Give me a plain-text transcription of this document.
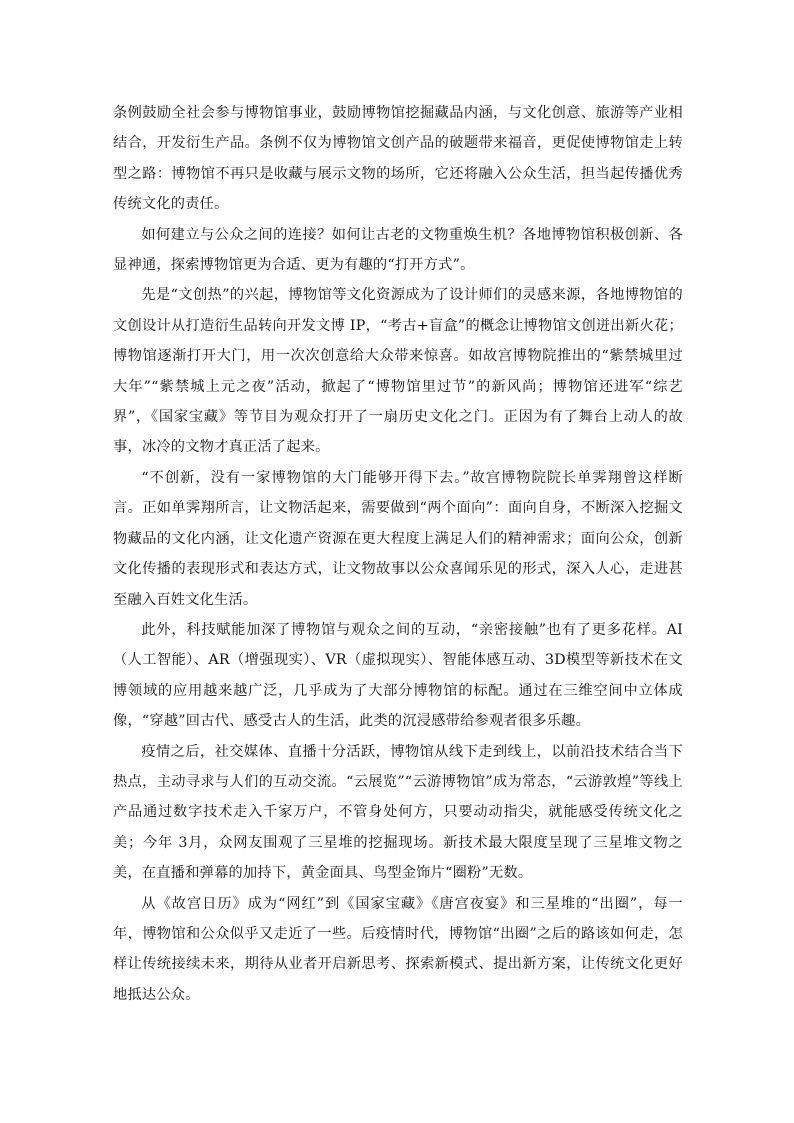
条例鼓励全社会参与博物馆事业，鼓励博物馆挖掘藏品内涵，与文化创意、旅游等产业相结合，开发衍生产品。条例不仅为博物馆文创产品的破题带来福音，更促使博物馆走上转型之路：博物馆不再只是收藏与展示文物的场所，它还将融入公众生活，担当起传播优秀传统文化的责任。

如何建立与公众之间的连接？如何让古老的文物重焕生机？各地博物馆积极创新、各显神通，探索博物馆更为合适、更为有趣的“打开方式”。

先是“文创热”的兴起，博物馆等文化资源成为了设计师们的灵感来源，各地博物馆的文创设计从打造衍生品转向开发文博 IP，“考古+盲盒”的概念让博物馆文创迸出新火花；博物馆逐渐打开大门，用一次次创意给大众带来惊喜。如故宫博物院推出的“紫禁城里过大年”“紫禁城上元之夜”活动，掀起了“博物馆里过节”的新风尚；博物馆还进军“综艺界”，《国家宝藏》等节目为观众打开了一扇历史文化之门。正因为有了舞台上动人的故事，冰冷的文物才真正活了起来。

“不创新，没有一家博物馆的大门能够开得下去。”故宫博物院院长单霁翔曾这样断言。正如单霁翔所言，让文物活起来，需要做到“两个面向”：面向自身，不断深入挖掘文物藏品的文化内涵，让文化遗产资源在更大程度上满足人们的精神需求；面向公众，创新文化传播的表现形式和表达方式，让文物故事以公众喜闻乐见的形式，深入人心，走进甚至融入百姓文化生活。

此外，科技赋能加深了博物馆与观众之间的互动，“亲密接触”也有了更多花样。AI（人工智能）、AR（增强现实）、VR（虚拟现实）、智能体感互动、3D模型等新技术在文博领域的应用越来越广泛，几乎成为了大部分博物馆的标配。通过在三维空间中立体成像，“穿越”回古代、感受古人的生活，此类的沉浸感带给参观者很多乐趣。

疫情之后，社交媒体、直播十分活跃，博物馆从线下走到线上，以前沿技术结合当下热点，主动寻求与人们的互动交流。“云展览”“云游博物馆”成为常态，“云游敦煌”等线上产品通过数字技术走入千家万户，不管身处何方，只要动动指尖，就能感受传统文化之美；今年 3月，众网友围观了三星堆的挖掘现场。新技术最大限度呈现了三星堆文物之美，在直播和弹幕的加持下，黄金面具、鸟型金饰片“圈粉”无数。

从《故宫日历》成为“网红”到《国家宝藏》《唐宫夜宴》和三星堆的“出圈”，每一年，博物馆和公众似乎又走近了一些。后疫情时代，博物馆“出圈”之后的路该如何走，怎样让传统接续未来，期待从业者开启新思考、探索新模式、提出新方案，让传统文化更好地抵达公众。
